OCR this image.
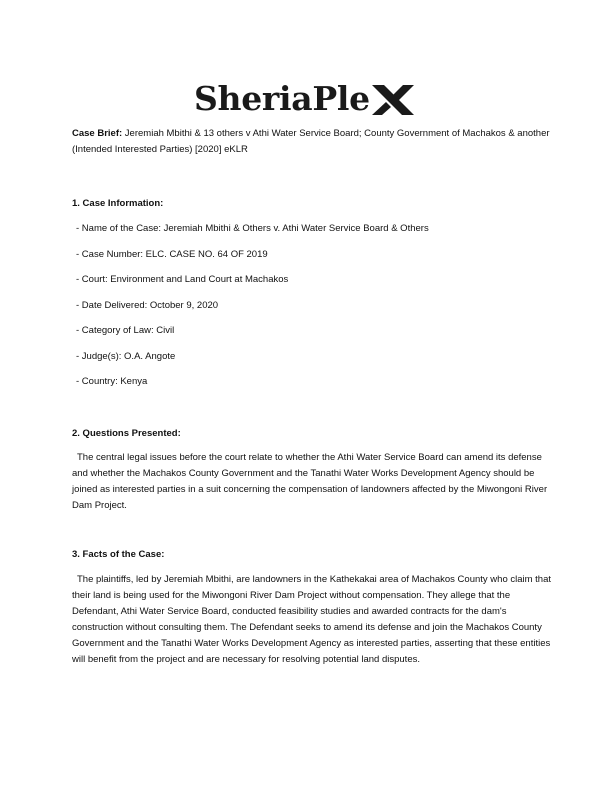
SheriaPle

Case Brief: Jeremiah Mbithi & 13 others v Athi Water Service Board; County Government of Machakos & another (Intended Interested Parties) [2020] eKLR

1. Case Information:

- Name of the Case: Jeremiah Mbithi & Others v. Athi Water Service Board & Others

- Case Number: ELC. CASE NO. 64 OF 2019

- Court: Environment and Land Court at Machakos

- Date Delivered: October 9, 2020

- Category of Law: Civil

- Judge(s): O.A. Angote

- Country: Kenya

2. Questions Presented:

The central legal issues before the court relate to whether the Athi Water Service Board can amend its defense and whether the Machakos County Government and the Tanathi Water Works Development Agency should be joined as interested parties in a suit concerning the compensation of landowners affected by the Miwongoni River Dam Project.

3. Facts of the Case:

The plaintiffs, led by Jeremiah Mbithi, are landowners in the Kathekakai area of Machakos County who claim that their land is being used for the Miwongoni River Dam Project without compensation. They allege that the Defendant, Athi Water Service Board, conducted feasibility studies and awarded contracts for the dam's construction without consulting them. The Defendant seeks to amend its defense and join the Machakos County Government and the Tanathi Water Works Development Agency as interested parties, asserting that these entities will benefit from the project and are necessary for resolving potential land disputes.
